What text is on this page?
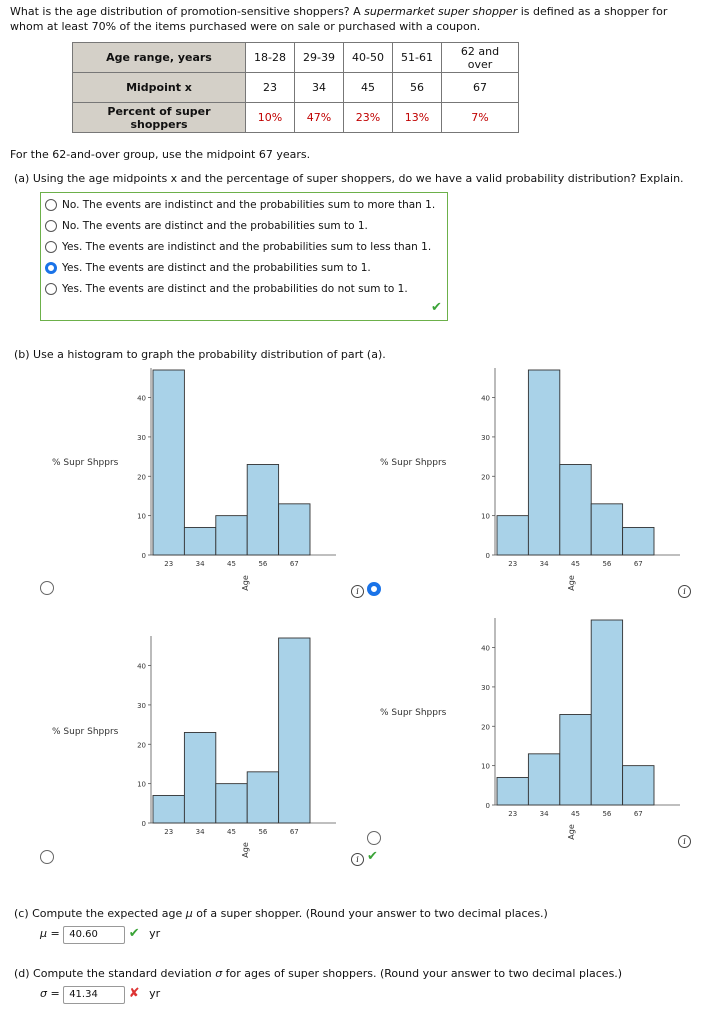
What is the age distribution of promotion-sensitive shoppers? A supermarket super shopper is defined as a shopper for whom at least 70% of the items purchased were on sale or purchased with a coupon.
Age range, years	18-28	29-39	40-50	51-61	62 and over
Midpoint x	23	34	45	56	67
Percent of super shoppers	10%	47%	23%	13%	7%
For the 62-and-over group, use the midpoint 67 years.
(a) Using the age midpoints x and the percentage of super shoppers, do we have a valid probability distribution? Explain.
No. The events are indistinct and the probabilities sum to more than 1.
No. The events are distinct and the probabilities sum to 1.
Yes. The events are indistinct and the probabilities sum to less than 1.
Yes. The events are distinct and the probabilities sum to 1.
Yes. The events are distinct and the probabilities do not sum to 1.
✔
(b) Use a histogram to graph the probability distribution of part (a).
% Supr Shpprs
0
10
20
30
40
23	34	45	56	67
Age
i
% Supr Shpprs
0
10
20
30
40
23	34	45	56	67
Age
i
% Supr Shpprs
0
10
20
30
40
23	34	45	56	67
Age
i ✔
% Supr Shpprs
0
10
20
30
40
23	34	45	56	67
Age
i
(c) Compute the expected age μ of a super shopper. (Round your answer to two decimal places.)
μ = 40.60 ✔ yr
(d) Compute the standard deviation σ for ages of super shoppers. (Round your answer to two decimal places.)
σ = 41.34 ✘ yr
